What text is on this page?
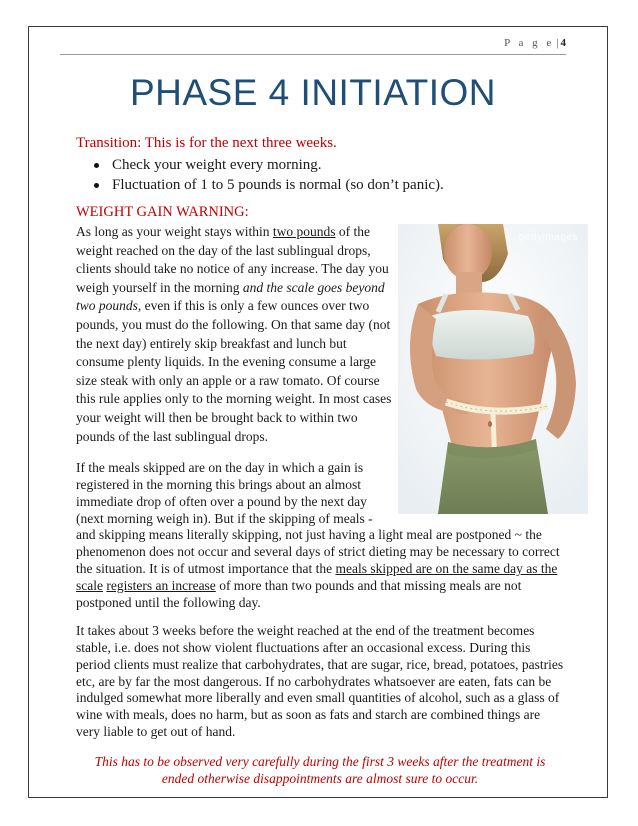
P a g e | 4
PHASE 4 INITIATION
Transition: This is for the next three weeks.
Check your weight every morning.
Fluctuation of 1 to 5 pounds is normal (so don’t panic).
WEIGHT GAIN WARNING:

As long as your weight stays within two pounds of the weight reached on the day of the last sublingual drops, clients should take no notice of any increase. The day you weigh yourself in the morning and the scale goes beyond two pounds, even if this is only a few ounces over two pounds, you must do the following. On that same day (not the next day) entirely skip breakfast and lunch but consume plenty liquids. In the evening consume a large size steak with only an apple or a raw tomato. Of course this rule applies only to the morning weight. In most cases your weight will then be brought back to within two pounds of the last sublingual drops.

If the meals skipped are on the day in which a gain is registered in the morning this brings about an almost immediate drop of often over a pound by the next day (next morning weigh in). But if the skipping of meals -
and skipping means literally skipping, not just having a light meal are postponed ~ the phenomenon does not occur and several days of strict dieting may be necessary to correct the situation. It is of utmost importance that the meals skipped are on the same day as the scale registers an increase of more than two pounds and that missing meals are not postponed until the following day.

It takes about 3 weeks before the weight reached at the end of the treatment becomes stable, i.e. does not show violent fluctuations after an occasional excess. During this period clients must realize that carbohydrates, that are sugar, rice, bread, potatoes, pastries etc, are by far the most dangerous. If no carbohydrates whatsoever are eaten, fats can be indulged somewhat more liberally and even small quantities of alcohol, such as a glass of wine with meals, does no harm, but as soon as fats and starch are combined things are very liable to get out of hand.

This has to be observed very carefully during the first 3 weeks after the treatment is ended otherwise disappointments are almost sure to occur.
gettyimages
